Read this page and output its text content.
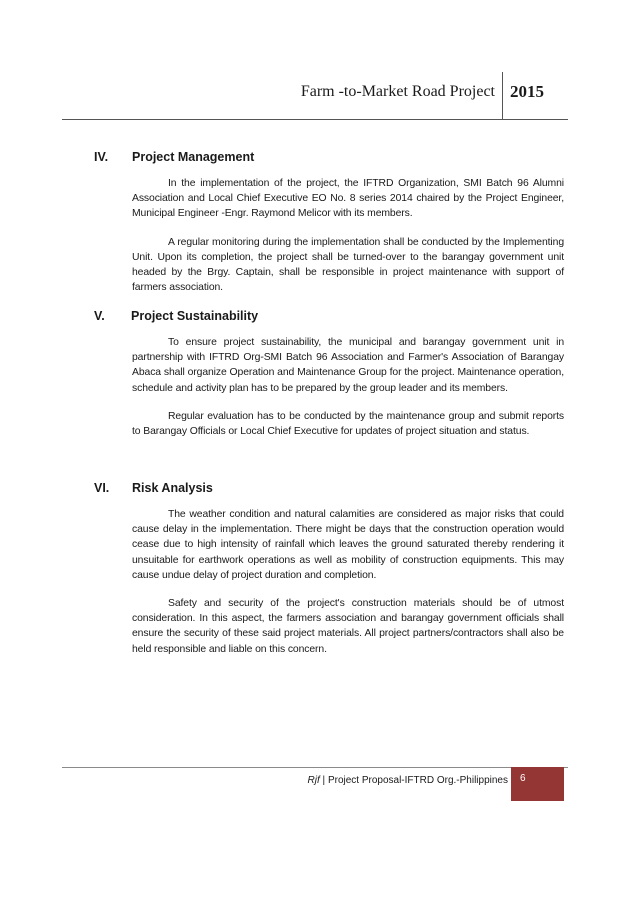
Farm -to-Market Road Project 2015
IV. Project Management

In the implementation of the project, the IFTRD Organization, SMI Batch 96 Alumni Association and Local Chief Executive EO No. 8 series 2014 chaired by the Project Engineer, Municipal Engineer -Engr. Raymond Melicor with its members.

A regular monitoring during the implementation shall be conducted by the Implementing Unit. Upon its completion, the project shall be turned-over to the barangay government unit headed by the Brgy. Captain, shall be responsible in project maintenance with support of farmers association.

V. Project Sustainability

To ensure project sustainability, the municipal and barangay government unit in partnership with IFTRD Org-SMI Batch 96 Association and Farmer's Association of Barangay Abaca shall organize Operation and Maintenance Group for the project. Maintenance operation, schedule and activity plan has to be prepared by the group leader and its members.

Regular evaluation has to be conducted by the maintenance group and submit reports to Barangay Officials or Local Chief Executive for updates of project situation and status.

VI. Risk Analysis

The weather condition and natural calamities are considered as major risks that could cause delay in the implementation. There might be days that the construction operation would cease due to high intensity of rainfall which leaves the ground saturated thereby rendering it unsuitable for earthwork operations as well as mobility of construction equipments. This may cause undue delay of project duration and completion.

Safety and security of the project's construction materials should be of utmost consideration. In this aspect, the farmers association and barangay government officials shall ensure the security of these said project materials. All project partners/contractors shall also be held responsible and liable on this concern.

Rjf | Project Proposal-IFTRD Org.-Philippines	6
